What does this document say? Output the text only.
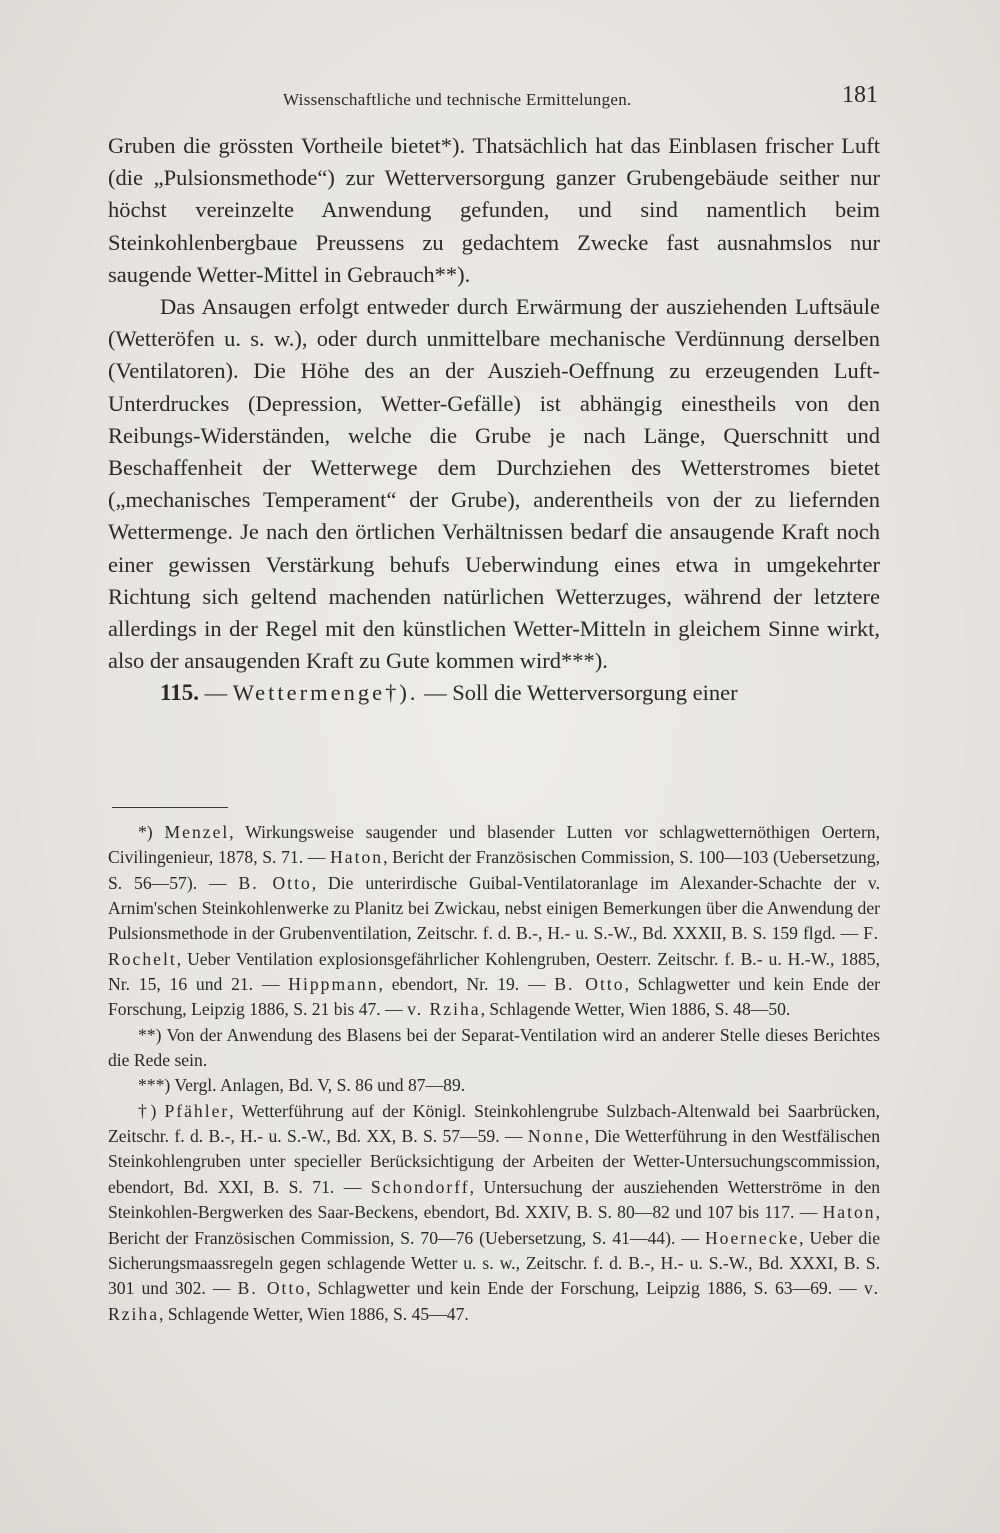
Wissenschaftliche und technische Ermittelungen.	181

Gruben die grössten Vortheile bietet*). Thatsächlich hat das Einblasen frischer Luft (die „Pulsionsmethode“) zur Wetterversorgung ganzer Grubengebäude seither nur höchst vereinzelte Anwendung gefunden, und sind namentlich beim Steinkohlenbergbaue Preussens zu gedachtem Zwecke fast ausnahmslos nur saugende Wetter-Mittel in Gebrauch**).

Das Ansaugen erfolgt entweder durch Erwärmung der ausziehenden Luftsäule (Wetteröfen u. s. w.), oder durch unmittelbare mechanische Verdünnung derselben (Ventilatoren). Die Höhe des an der Auszieh-Oeffnung zu erzeugenden Luft-Unterdruckes (Depression, Wetter-Gefälle) ist abhängig einestheils von den Reibungs-Widerständen, welche die Grube je nach Länge, Querschnitt und Beschaffenheit der Wetterwege dem Durchziehen des Wetterstromes bietet („mechanisches Temperament“ der Grube), anderentheils von der zu liefernden Wettermenge. Je nach den örtlichen Verhältnissen bedarf die ansaugende Kraft noch einer gewissen Verstärkung behufs Ueberwindung eines etwa in umgekehrter Richtung sich geltend machenden natürlichen Wetterzuges, während der letztere allerdings in der Regel mit den künstlichen Wetter-Mitteln in gleichem Sinne wirkt, also der ansaugenden Kraft zu Gute kommen wird***).

115. — Wettermenge†). — Soll die Wetterversorgung einer

*) Menzel, Wirkungsweise saugender und blasender Lutten vor schlagwetternöthigen Oertern, Civilingenieur, 1878, S. 71. — Haton, Bericht der Französischen Commission, S. 100—103 (Uebersetzung, S. 56—57). — B. Otto, Die unterirdische Guibal-Ventilatoranlage im Alexander-Schachte der v. Arnim'schen Steinkohlenwerke zu Planitz bei Zwickau, nebst einigen Bemerkungen über die Anwendung der Pulsionsmethode in der Grubenventilation, Zeitschr. f. d. B.-, H.- u. S.-W., Bd. XXXII, B. S. 159 flgd. — F. Rochelt, Ueber Ventilation explosionsgefährlicher Kohlengruben, Oesterr. Zeitschr. f. B.- u. H.-W., 1885, Nr. 15, 16 und 21. — Hippmann, ebendort, Nr. 19. — B. Otto, Schlagwetter und kein Ende der Forschung, Leipzig 1886, S. 21 bis 47. — v. Rziha, Schlagende Wetter, Wien 1886, S. 48—50.

**) Von der Anwendung des Blasens bei der Separat-Ventilation wird an anderer Stelle dieses Berichtes die Rede sein.

***) Vergl. Anlagen, Bd. V, S. 86 und 87—89.

†) Pfähler, Wetterführung auf der Königl. Steinkohlengrube Sulzbach-Altenwald bei Saarbrücken, Zeitschr. f. d. B.-, H.- u. S.-W., Bd. XX, B. S. 57—59. — Nonne, Die Wetterführung in den Westfälischen Steinkohlengruben unter specieller Berücksichtigung der Arbeiten der Wetter-Untersuchungscommission, ebendort, Bd. XXI, B. S. 71. — Schondorff, Untersuchung der ausziehenden Wetterströme in den Steinkohlen-Bergwerken des Saar-Beckens, ebendort, Bd. XXIV, B. S. 80—82 und 107 bis 117. — Haton, Bericht der Französischen Commission, S. 70—76 (Uebersetzung, S. 41—44). — Hoernecke, Ueber die Sicherungsmaassregeln gegen schlagende Wetter u. s. w., Zeitschr. f. d. B.-, H.- u. S.-W., Bd. XXXI, B. S. 301 und 302. — B. Otto, Schlagwetter und kein Ende der Forschung, Leipzig 1886, S. 63—69. — v. Rziha, Schlagende Wetter, Wien 1886, S. 45—47.
